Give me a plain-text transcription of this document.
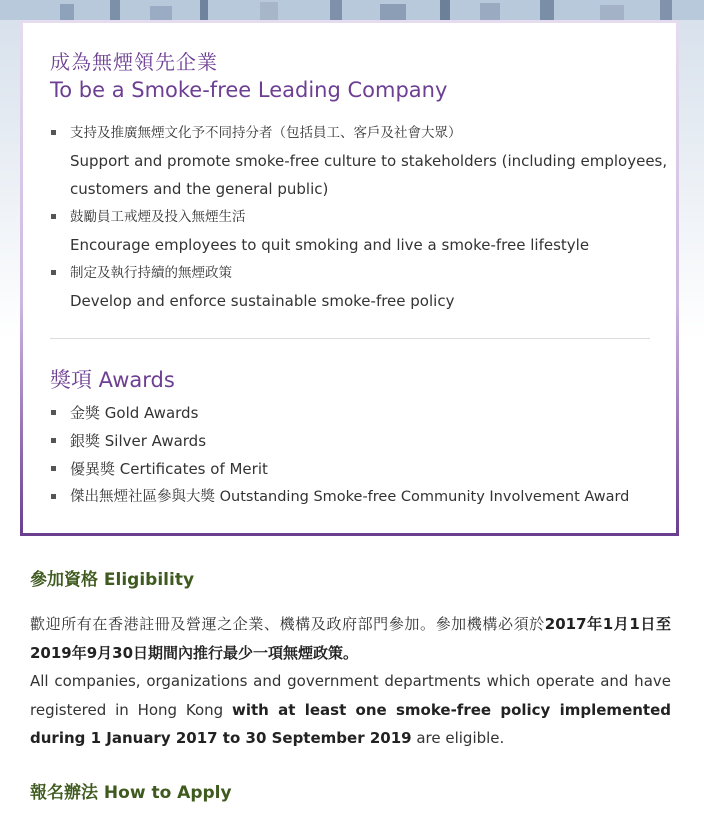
成為無煙領先企業
To be a Smoke-free Leading Company
支持及推廣無煙文化予不同持分者（包括員工、客戶及社會大眾）
Support and promote smoke-free culture to stakeholders (including employees, customers and the general public)
鼓勵員工戒煙及投入無煙生活
Encourage employees to quit smoking and live a smoke-free lifestyle
制定及執行持續的無煙政策
Develop and enforce sustainable smoke-free policy
獎項 Awards
金獎 Gold Awards
銀獎 Silver Awards
優異獎 Certificates of Merit
傑出無煙社區參與大獎 Outstanding Smoke-free Community Involvement Award
參加資格 Eligibility

歡迎所有在香港註冊及營運之企業、機構及政府部門參加。參加機構必須於2017年1月1日至2019年9月30日期間內推行最少一項無煙政策。

All companies, organizations and government departments which operate and have registered in Hong Kong with at least one smoke-free policy implemented during 1 January 2017 to 30 September 2019 are eligible.

報名辦法 How to Apply
